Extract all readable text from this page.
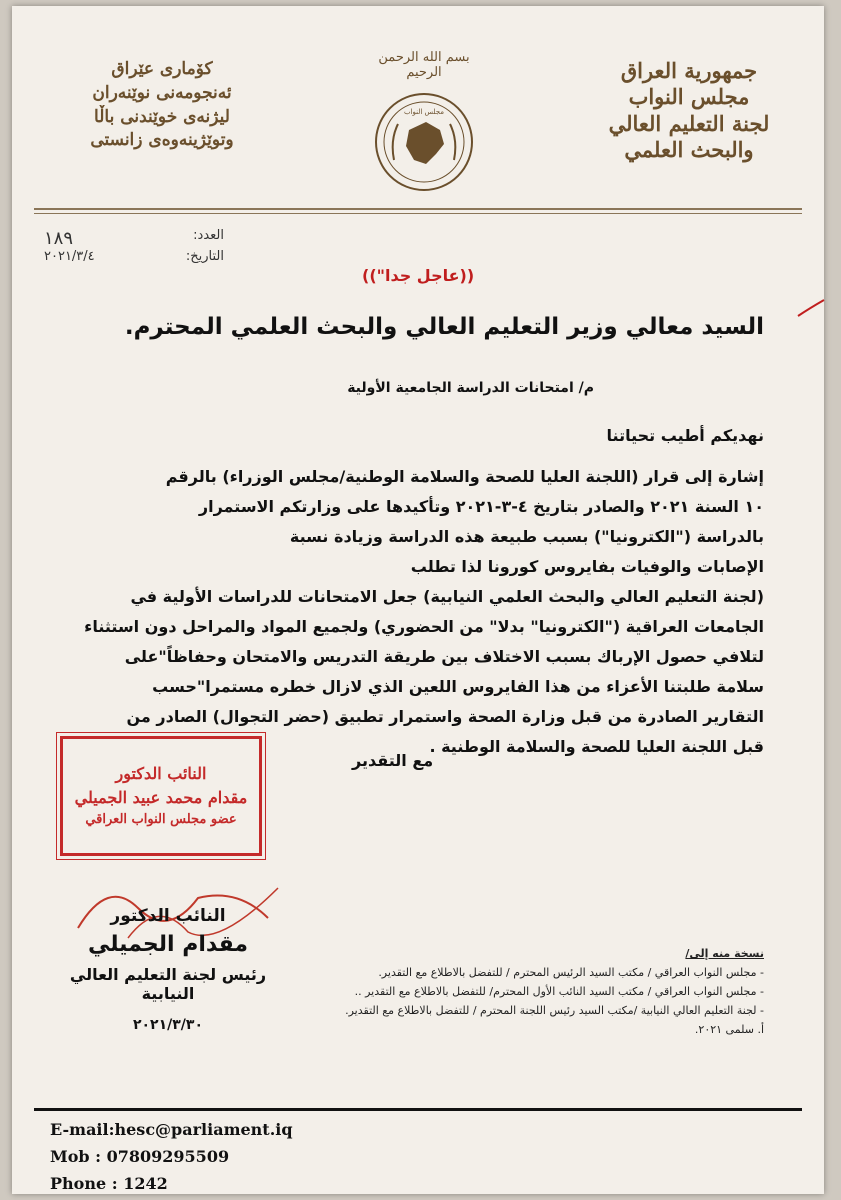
جمهورية العراق
مجلس النواب
لجنة التعليم العالي
والبحث العلمي
بسم الله الرحمن الرحيم
مجلس النواب
كۆماری عێراق
ئەنجومەنی نوێنەران
لیژنەی خوێندنی باڵا
وتوێژینەوەی زانستی
العدد:
١٨٩
التاريخ:
٢٠٢١/٣/٤
((عاجل جدا"))
السيد معالي وزير التعليم العالي والبحث العلمي المحترم.
م/ امتحانات الدراسة الجامعية الأولية
نهديكم أطيب تحياتنا
إشارة إلى قرار (اللجنة العليا للصحة والسلامة الوطنية/مجلس الوزراء) بالرقم
١٠ السنة ٢٠٢١ والصادر بتاريخ ٤-٣-٢٠٢١ وتأكيدها على وزارتكم الاستمرار
بالدراسة ("الكترونيا") بسبب طبيعة هذه الدراسة وزيادة نسبة
الإصابات والوفيات بفايروس كورونا لذا تطلب
(لجنة التعليم العالي والبحث العلمي النيابية) جعل الامتحانات للدراسات الأولية في
الجامعات العراقية ("الكترونيا" بدلا" من الحضوري) ولجميع المواد والمراحل دون استثناء
لتلافي حصول الإرباك بسبب الاختلاف بين طريقة التدريس والامتحان وحفاظاً"على
سلامة طلبتنا الأعزاء من هذا الفايروس اللعين الذي لازال خطره مستمرا"حسب
التقارير الصادرة من قبل وزارة الصحة واستمرار تطبيق (حضر التجوال) الصادر من
قبل اللجنة العليا للصحة والسلامة الوطنية .
مع التقدير
النائب الدكتور
مقدام محمد عبيد الجميلي
عضو مجلس النواب العراقي
النائب الدكتور
مقدام الجميلي
رئيس لجنة التعليم العالي النيابية
٢٠٢١/٣/٣٠
نسخة منه إلى/
- مجلس النواب العراقي / مكتب السيد الرئيس المحترم / للتفضل بالاطلاع مع التقدير.
- مجلس النواب العراقي / مكتب السيد النائب الأول المحترم/ للتفضل بالاطلاع مع التقدير ..
- لجنة التعليم العالي النيابية /مكتب السيد رئيس اللجنة المحترم / للتفضل بالاطلاع مع التقدير.
أ. سلمى ٢٠٢١.
E-mail:hesc@parliament.iq
Mob : 07809295509
Phone : 1242
